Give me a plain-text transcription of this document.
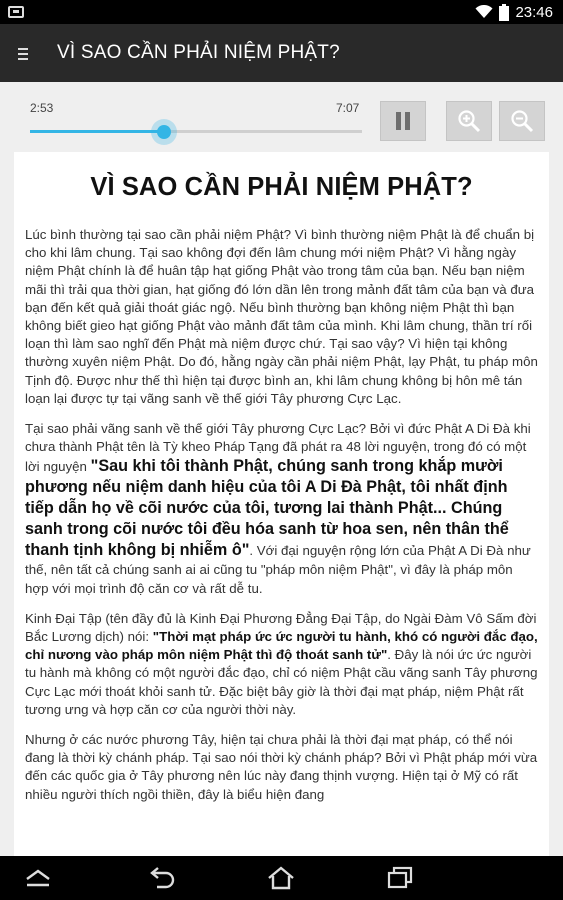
23:46
VÌ SAO CẦN PHẢI NIỆM PHẬT?
2:53	7:07
VÌ SAO CẦN PHẢI NIỆM PHẬT?

Lúc bình thường tại sao cần phải niệm Phật? Vì bình thường niệm Phật là để chuẩn bị cho khi lâm chung. Tại sao không đợi đến lâm chung mới niệm Phật? Vì hằng ngày niệm Phật chính là để huân tập hạt giống Phật vào trong tâm của bạn. Nếu bạn niệm mãi thì trải qua thời gian, hạt giống đó lớn dần lên trong mảnh đất tâm của bạn và đưa bạn đến kết quả giải thoát giác ngộ. Nếu bình thường bạn không niệm Phật thì bạn không biết gieo hạt giống Phật vào mảnh đất tâm của mình. Khi lâm chung, thần trí rối loạn thì làm sao nghĩ đến Phật mà niệm được chứ. Tại sao vậy? Vì hiện tại không thường xuyên niệm Phật. Do đó, hằng ngày cần phải niệm Phật, lạy Phật, tu pháp môn Tịnh độ. Được như thế thì hiện tại được bình an, khi lâm chung không bị hôn mê tán loạn lại được tự tại vãng sanh về thế giới Tây phương Cực Lạc.

Tại sao phải vãng sanh về thế giới Tây phương Cực Lạc? Bởi vì đức Phật A Di Đà khi chưa thành Phật tên là Tỳ kheo Pháp Tạng đã phát ra 48 lời nguyện, trong đó có một lời nguyện "Sau khi tôi thành Phật, chúng sanh trong khắp mười phương nếu niệm danh hiệu của tôi A Di Đà Phật, tôi nhất định tiếp dẫn họ về cõi nước của tôi, tương lai thành Phật... Chúng sanh trong cõi nước tôi đều hóa sanh từ hoa sen, nên thân thể thanh tịnh không bị nhiễm ô". Với đại nguyện rộng lớn của Phật A Di Đà như thế, nên tất cả chúng sanh ai ai cũng tu "pháp môn niệm Phật", vì đây là pháp môn hợp với mọi trình độ căn cơ và rất dễ tu.

Kinh Đại Tập (tên đầy đủ là Kinh Đại Phương Đẳng Đại Tập, do Ngài Đàm Vô Sấm đời Bắc Lương dịch) nói: "Thời mạt pháp ức ức người tu hành, khó có người đắc đạo, chỉ nương vào pháp môn niệm Phật thì độ thoát sanh tử". Đây là nói ức ức người tu hành mà không có một người đắc đạo, chỉ có niệm Phật cầu vãng sanh Tây phương Cực Lạc mới thoát khỏi sanh tử. Đặc biệt bây giờ là thời đại mạt pháp, niệm Phật rất tương ưng và hợp căn cơ của người thời này.

Nhưng ở các nước phương Tây, hiện tại chưa phải là thời đại mạt pháp, có thể nói đang là thời kỳ chánh pháp. Tại sao nói thời kỳ chánh pháp? Bởi vì Phật pháp mới vừa đến các quốc gia ở Tây phương nên lúc này đang thịnh vượng. Hiện tại ở Mỹ có rất nhiều người thích ngồi thiền, đây là biểu hiện đang
